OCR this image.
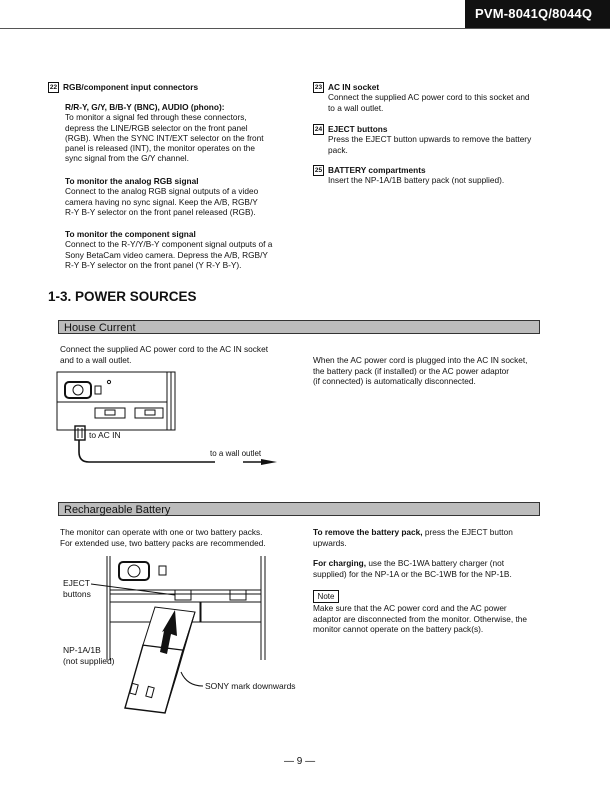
PVM-8041Q/8044Q
22 RGB/component input connectors
R/R-Y, G/Y, B/B-Y (BNC), AUDIO (phono):
To monitor a signal fed through these connectors,
depress the LINE/RGB selector on the front panel
(RGB). When the SYNC INT/EXT selector on the front
panel is released (INT), the monitor operates on the
sync signal from the G/Y channel.
To monitor the analog RGB signal
Connect to the analog RGB signal outputs of a video
camera having no sync signal. Keep the A/B, RGB/Y
R-Y B-Y selector on the front panel released (RGB).
To monitor the component signal
Connect to the R-Y/Y/B-Y component signal outputs of a
Sony BetaCam video camera. Depress the A/B, RGB/Y
R-Y B-Y selector on the front panel (Y R-Y B-Y).
23 AC IN socket
Connect the supplied AC power cord to this socket and
to a wall outlet.
24 EJECT buttons
Press the EJECT button upwards to remove the battery
pack.
25 BATTERY compartments
Insert the NP-1A/1B battery pack (not supplied).
1-3. POWER SOURCES
House Current
Connect the supplied AC power cord to the AC IN socket
and to a wall outlet.	When the AC power cord is plugged into the AC IN socket,
the battery pack (if installed) or the AC power adaptor
(if connected) is automatically disconnected.
to AC IN
to a wall outlet
Rechargeable Battery
The monitor can operate with one or two battery packs.
For extended use, two battery packs are recommended.
To remove the battery pack, press the EJECT button
upwards.
For charging, use the BC-1WA battery charger (not
supplied) for the NP-1A or the BC-1WB for the NP-1B.
Note
Make sure that the AC power cord and the AC power
adaptor are disconnected from the monitor. Otherwise, the
monitor cannot operate on the battery pack(s).
EJECT
buttons
NP-1A/1B
(not supplied)
SONY mark downwards
— 9 —
